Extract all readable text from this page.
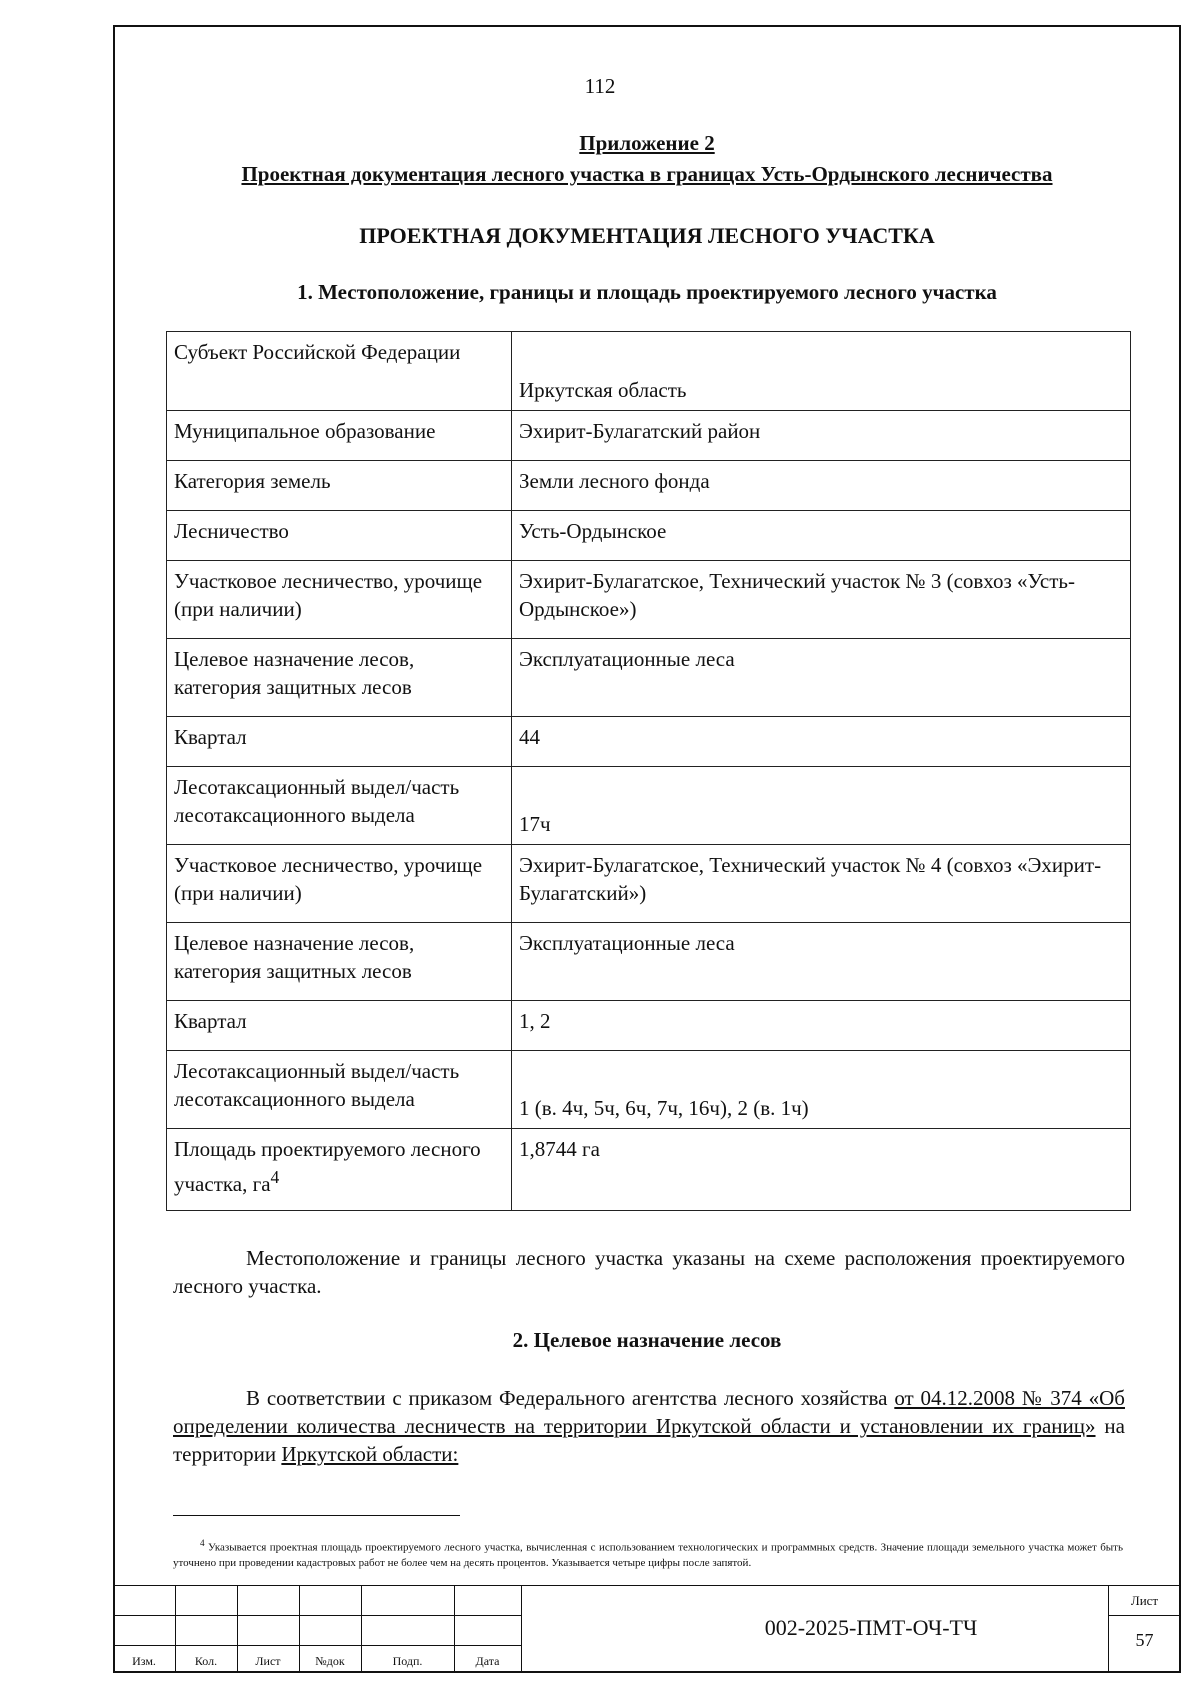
112
Приложение 2
Проектная документация лесного участка в границах Усть-Ордынского лесничества
ПРОЕКТНАЯ ДОКУМЕНТАЦИЯ ЛЕСНОГО УЧАСТКА
1. Местоположение, границы и площадь проектируемого лесного участка
Субъект Российской Федерации	Иркутская область
Муниципальное образование	Эхирит-Булагатский район
Категория земель	Земли лесного фонда
Лесничество	Усть-Ордынское
Участковое лесничество, урочище (при наличии)	Эхирит-Булагатское, Технический участок № 3 (совхоз «Усть-Ордынское»)
Целевое назначение лесов, категория защитных лесов	Эксплуатационные леса
Квартал	44
Лесотаксационный выдел/часть лесотаксационного выдела	17ч
Участковое лесничество, урочище (при наличии)	Эхирит-Булагатское, Технический участок № 4 (совхоз «Эхирит-Булагатский»)
Целевое назначение лесов, категория защитных лесов	Эксплуатационные леса
Квартал	1, 2
Лесотаксационный выдел/часть лесотаксационного выдела	1 (в. 4ч, 5ч, 6ч, 7ч, 16ч), 2 (в. 1ч)
Площадь проектируемого лесного участка, $га^4$	1,8744 га
Местоположение и границы лесного участка указаны на схеме расположения проектируемого лесного участка.
2. Целевое назначение лесов
В соответствии с приказом Федерального агентства лесного хозяйства от 04.12.2008 № 374 «Об определении количества лесничеств на территории Иркутской области и установлении их границ» на территории Иркутской области:
$^4$ Указывается проектная площадь проектируемого лесного участка, вычисленная с использованием технологических и программных средств. Значение площади земельного участка может быть уточнено при проведении кадастровых работ не более чем на десять процентов. Указывается четыре цифры после запятой.
Изм.	Кол.	Лист	№док	Подп.	Дата
002-2025-ПМТ-ОЧ-ТЧ
Лист
57
